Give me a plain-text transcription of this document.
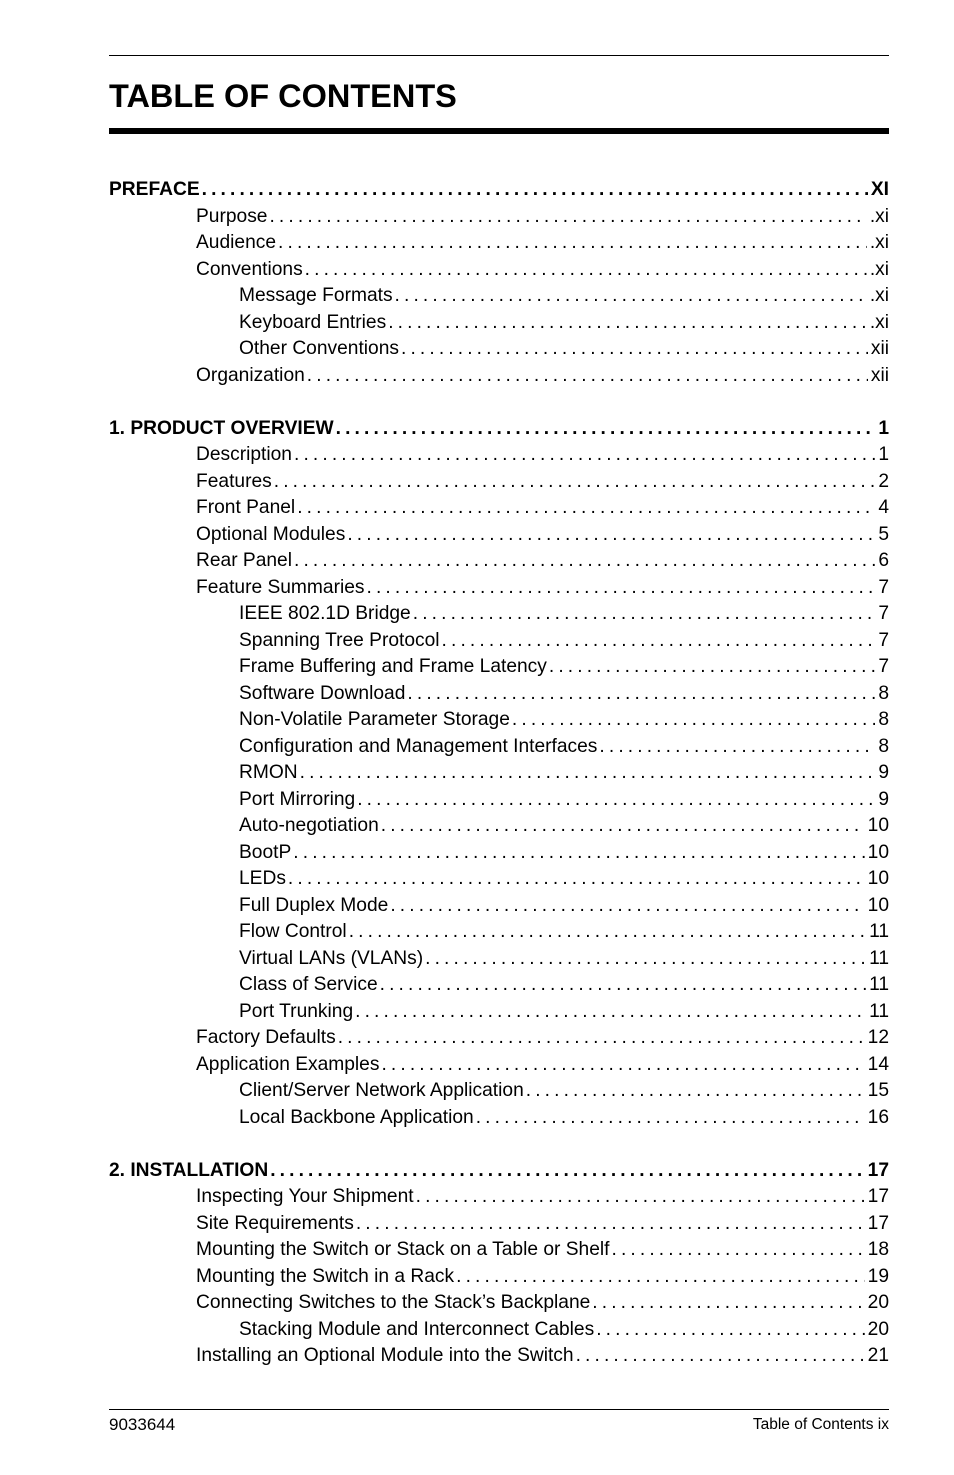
TABLE OF CONTENTS
PREFACE . . .	XI
Purpose . . .	.xi
Audience . . .	.xi
Conventions . . .	.xi
Message Formats . . .	.xi
Keyboard Entries . . .	.xi
Other Conventions . . .	xii
Organization . . .	xii
1. PRODUCT OVERVIEW . . .	1
Description . . .	1
Features . . .	2
Front Panel . . .	4
Optional Modules . . .	5
Rear Panel . . .	6
Feature Summaries . . .	7
IEEE 802.1D Bridge . . .	7
Spanning Tree Protocol . . .	7
Frame Buffering and Frame Latency . . .	7
Software Download . . .	8
Non-Volatile Parameter Storage . . .	8
Configuration and Management Interfaces . . .	8
RMON . . .	9
Port Mirroring . . .	9
Auto-negotiation . . .	10
BootP . . .	10
LEDs . . .	10
Full Duplex Mode . . .	10
Flow Control . . .	11
Virtual LANs (VLANs) . . .	11
Class of Service . . .	11
Port Trunking . . .	11
Factory Defaults . . .	12
Application Examples . . .	14
Client/Server Network Application . . .	15
Local Backbone Application . . .	16
2. INSTALLATION . . .	17
Inspecting Your Shipment . . .	17
Site Requirements . . .	17
Mounting the Switch or Stack on a Table or Shelf . . .	18
Mounting the Switch in a Rack . . .	19
Connecting Switches to the Stack’s Backplane . . .	20
Stacking Module and Interconnect Cables . . .	20
Installing an Optional Module into the Switch . . .	21
9033644	Table of Contents ix
